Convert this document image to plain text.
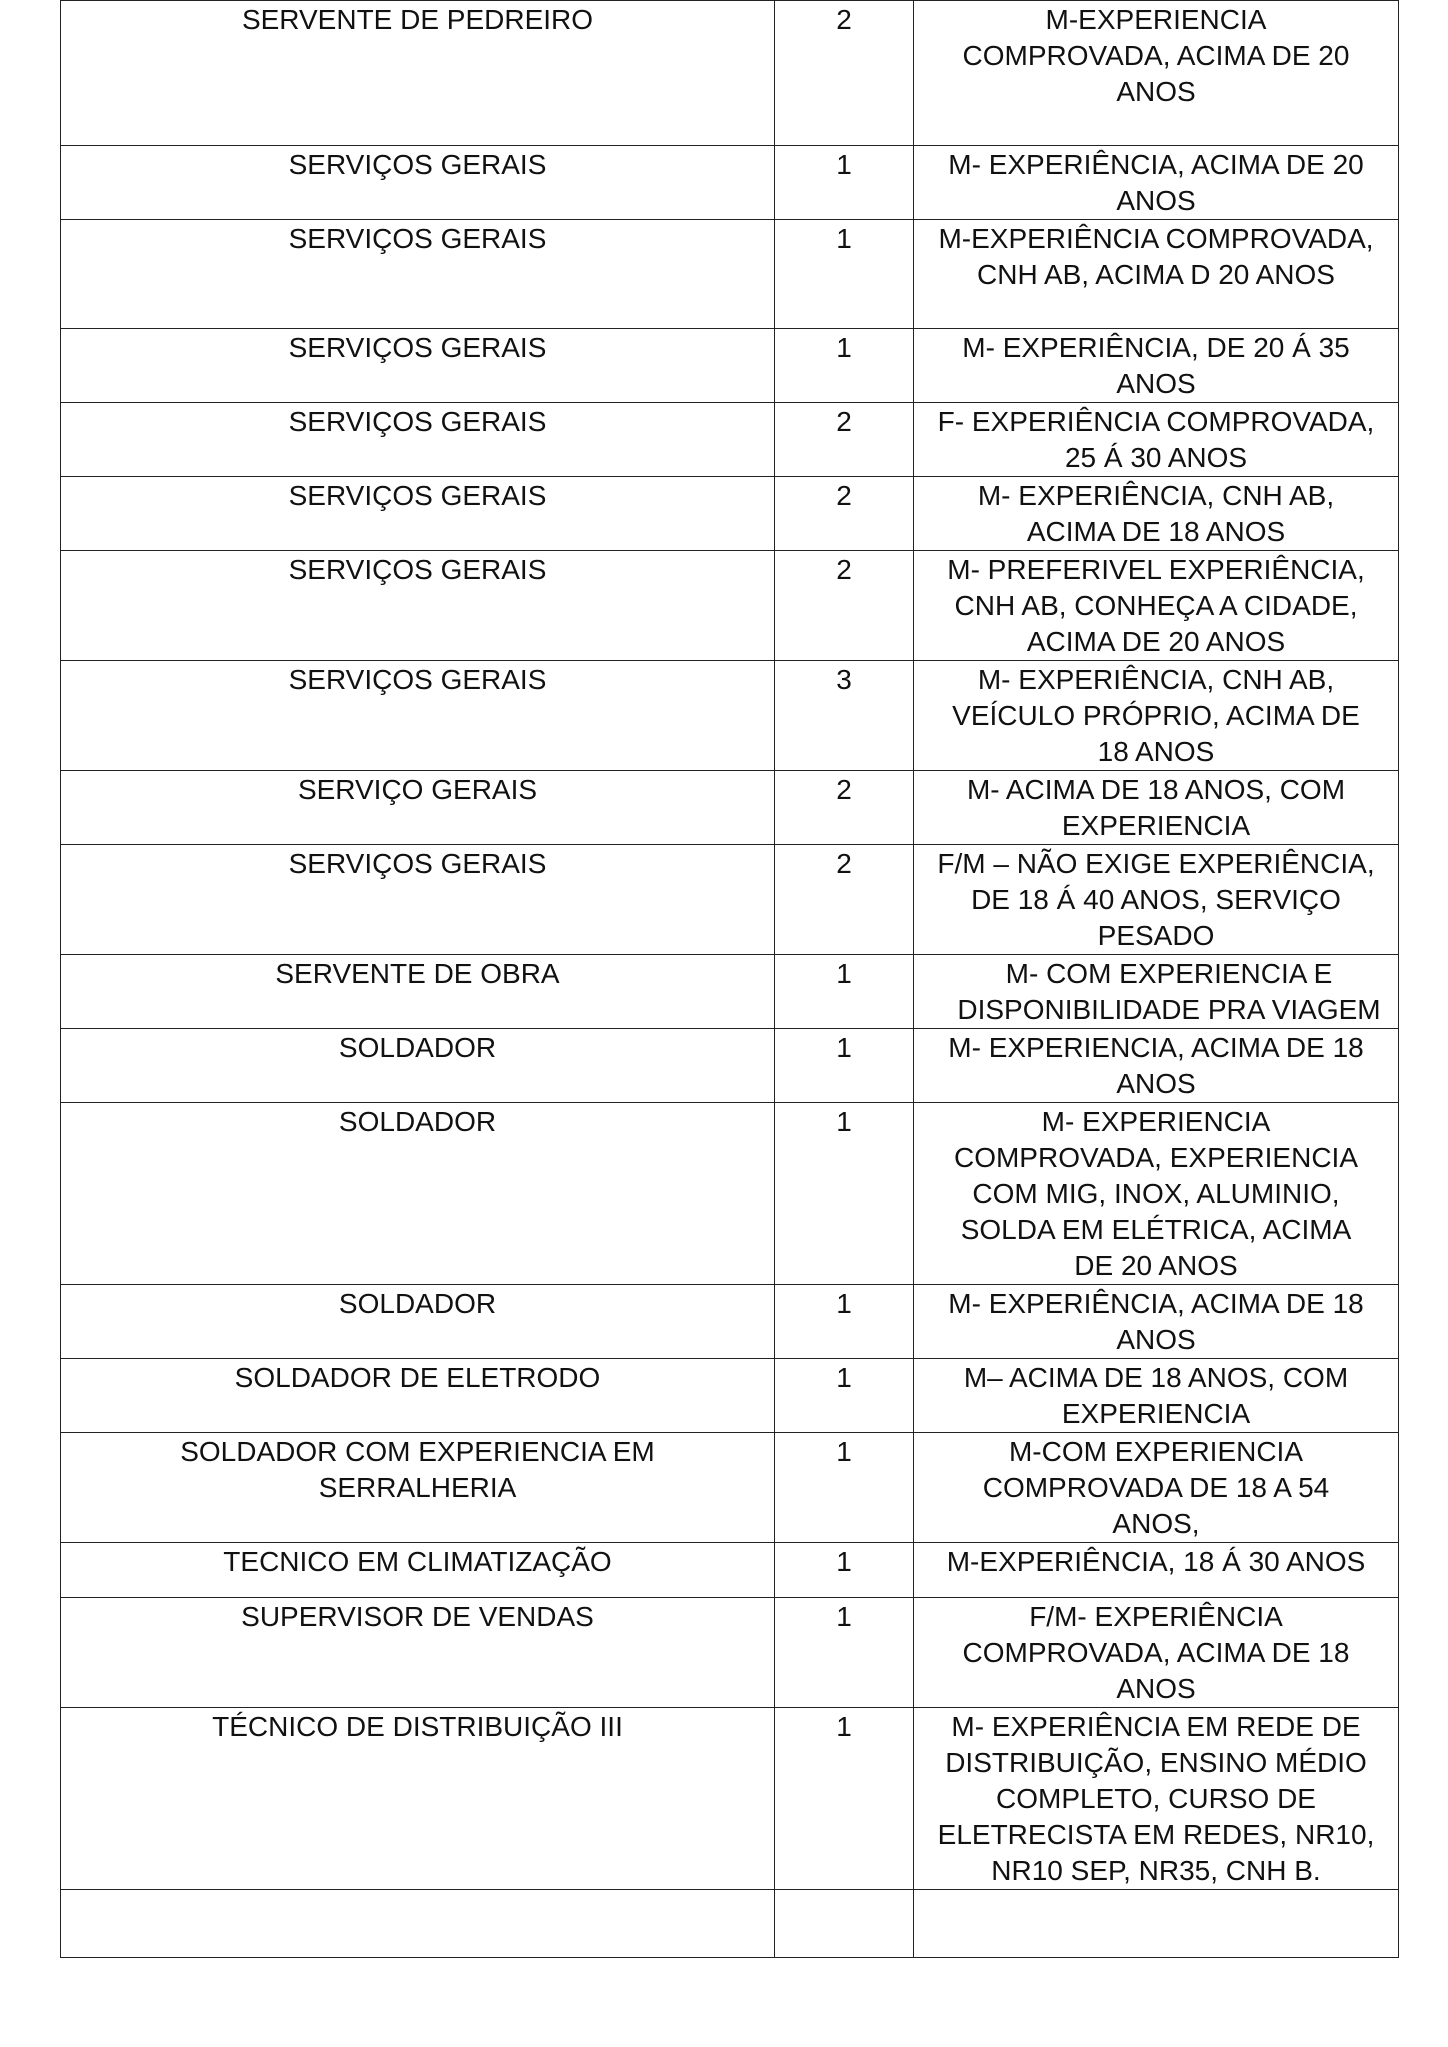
SERVENTE DE PEDREIRO	2	M-EXPERIENCIA COMPROVADA, ACIMA DE 20 ANOS
SERVIÇOS GERAIS	1	M- EXPERIÊNCIA, ACIMA DE 20 ANOS
SERVIÇOS GERAIS	1	M-EXPERIÊNCIA COMPROVADA, CNH AB, ACIMA D 20 ANOS
SERVIÇOS GERAIS	1	M- EXPERIÊNCIA, DE 20 Á 35 ANOS
SERVIÇOS GERAIS	2	F- EXPERIÊNCIA COMPROVADA, 25 Á 30 ANOS
SERVIÇOS GERAIS	2	M- EXPERIÊNCIA, CNH AB, ACIMA DE 18 ANOS
SERVIÇOS GERAIS	2	M- PREFERIVEL EXPERIÊNCIA, CNH AB, CONHEÇA A CIDADE, ACIMA DE 20 ANOS
SERVIÇOS GERAIS	3	M- EXPERIÊNCIA, CNH AB, VEÍCULO PRÓPRIO, ACIMA DE 18 ANOS
SERVIÇO GERAIS	2	M- ACIMA DE 18 ANOS, COM EXPERIENCIA
SERVIÇOS GERAIS	2	F/M – NÃO EXIGE EXPERIÊNCIA, DE 18 Á 40 ANOS, SERVIÇO PESADO
SERVENTE DE OBRA	1	M- COM EXPERIENCIA E DISPONIBILIDADE PRA VIAGEM
SOLDADOR	1	M- EXPERIENCIA, ACIMA DE 18 ANOS
SOLDADOR	1	M- EXPERIENCIA COMPROVADA, EXPERIENCIA COM MIG, INOX, ALUMINIO, SOLDA EM ELÉTRICA, ACIMA DE 20 ANOS
SOLDADOR	1	M- EXPERIÊNCIA, ACIMA DE 18 ANOS
SOLDADOR DE ELETRODO	1	M– ACIMA DE 18 ANOS, COM EXPERIENCIA
SOLDADOR COM EXPERIENCIA EM SERRALHERIA	1	M-COM EXPERIENCIA COMPROVADA DE 18 A 54 ANOS,
TECNICO EM CLIMATIZAÇÃO	1	M-EXPERIÊNCIA, 18 Á 30 ANOS
SUPERVISOR DE VENDAS	1	F/M- EXPERIÊNCIA COMPROVADA, ACIMA DE 18 ANOS
TÉCNICO DE DISTRIBUIÇÃO III	1	M- EXPERIÊNCIA EM REDE DE DISTRIBUIÇÃO, ENSINO MÉDIO COMPLETO, CURSO DE ELETRECISTA EM REDES, NR10, NR10 SEP, NR35, CNH B.
